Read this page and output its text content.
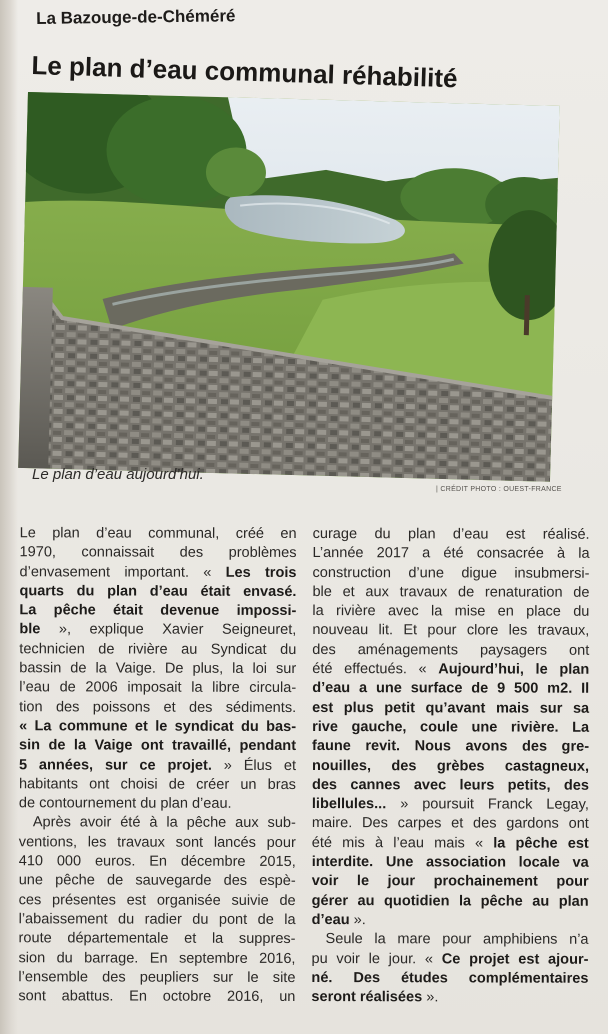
La Bazouge-de-Chéméré
Le plan d’eau communal réhabilité
Le plan d’eau aujourd’hui.
| CRÉDIT PHOTO : OUEST-FRANCE

Le plan d’eau communal, créé en
1970, connaissait des problèmes
d’envasement important. « Les trois
quarts du plan d’eau était envasé.
La pêche était devenue impossi-
ble », explique Xavier Seigneuret,
technicien de rivière au Syndicat du
bassin de la Vaige. De plus, la loi sur
l’eau de 2006 imposait la libre circula-
tion des poissons et des sédiments.
« La commune et le syndicat du bas-
sin de la Vaige ont travaillé, pendant
5 années, sur ce projet. » Élus et
habitants ont choisi de créer un bras
de contournement du plan d’eau.
Après avoir été à la pêche aux sub-
ventions, les travaux sont lancés pour
410 000 euros. En décembre 2015,
une pêche de sauvegarde des espè-
ces présentes est organisée suivie de
l’abaissement du radier du pont de la
route départementale et la suppres-
sion du barrage. En septembre 2016,
l’ensemble des peupliers sur le site
sont abattus. En octobre 2016, un

curage du plan d’eau est réalisé.
L’année 2017 a été consacrée à la
construction d’une digue insubmersi-
ble et aux travaux de renaturation de
la rivière avec la mise en place du
nouveau lit. Et pour clore les travaux,
des aménagements paysagers ont
été effectués. « Aujourd’hui, le plan
d’eau a une surface de 9 500 m2. Il
est plus petit qu’avant mais sur sa
rive gauche, coule une rivière. La
faune revit. Nous avons des gre-
nouilles, des grèbes castagneux,
des cannes avec leurs petits, des
libellules... » poursuit Franck Legay,
maire. Des carpes et des gardons ont
été mis à l’eau mais « la pêche est
interdite. Une association locale va
voir le jour prochainement pour
gérer au quotidien la pêche au plan
d’eau ».
Seule la mare pour amphibiens n’a
pu voir le jour. « Ce projet est ajour-
né. Des études complémentaires
seront réalisées ».
